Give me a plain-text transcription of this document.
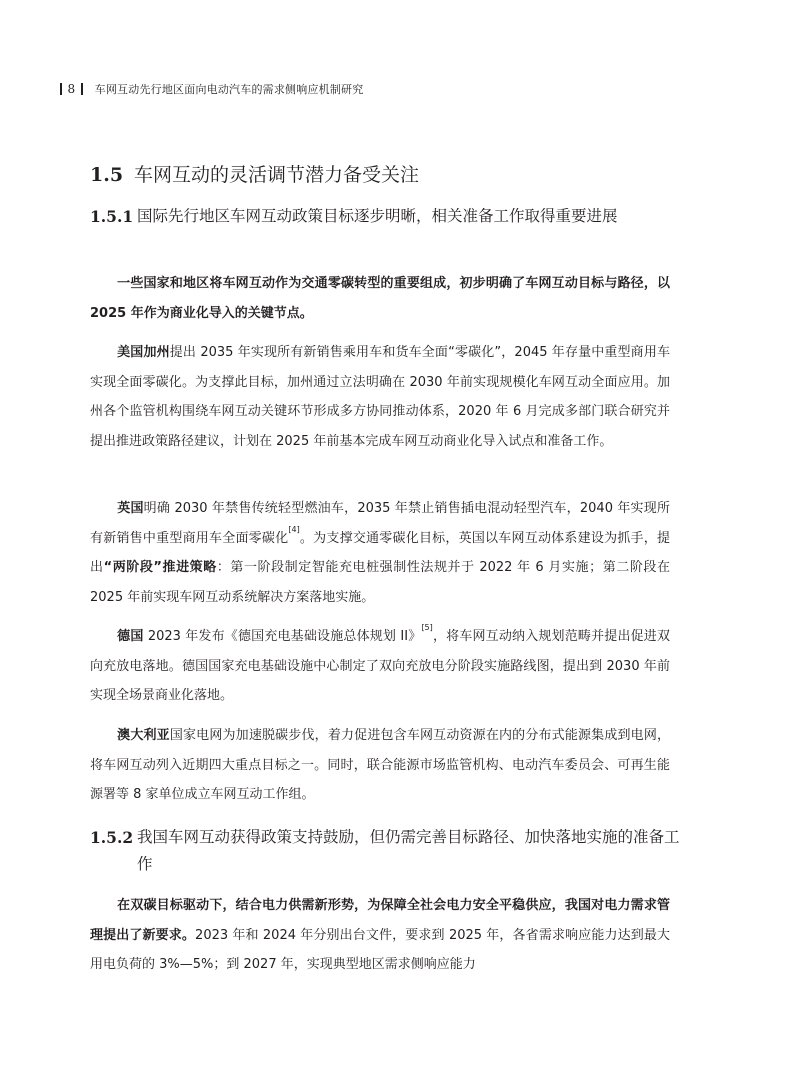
8 车网互动先行地区面向电动汽车的需求侧响应机制研究
1.5 车网互动的灵活调节潜力备受关注
1.5.1 国际先行地区车网互动政策目标逐步明晰，相关准备工作取得重要进展
一些国家和地区将车网互动作为交通零碳转型的重要组成，初步明确了车网互动目标与路径，以 2025 年作为商业化导入的关键节点。
美国加州提出 2035 年实现所有新销售乘用车和货车全面“零碳化”，2045 年存量中重型商用车实现全面零碳化。为支撑此目标，加州通过立法明确在 2030 年前实现规模化车网互动全面应用。加州各个监管机构围绕车网互动关键环节形成多方协同推动体系，2020 年 6 月完成多部门联合研究并提出推进政策路径建议，计划在 2025 年前基本完成车网互动商业化导入试点和准备工作。
英国明确 2030 年禁售传统轻型燃油车，2035 年禁止销售插电混动轻型汽车，2040 年实现所有新销售中重型商用车全面零碳化[4]。为支撑交通零碳化目标，英国以车网互动体系建设为抓手，提出“两阶段”推进策略：第一阶段制定智能充电桩强制性法规并于 2022 年 6 月实施；第二阶段在 2025 年前实现车网互动系统解决方案落地实施。
德国 2023 年发布《德国充电基础设施总体规划 II》[5]，将车网互动纳入规划范畴并提出促进双向充放电落地。德国国家充电基础设施中心制定了双向充放电分阶段实施路线图，提出到 2030 年前实现全场景商业化落地。
澳大利亚国家电网为加速脱碳步伐，着力促进包含车网互动资源在内的分布式能源集成到电网，将车网互动列入近期四大重点目标之一。同时，联合能源市场监管机构、电动汽车委员会、可再生能源署等 8 家单位成立车网互动工作组。
1.5.2 我国车网互动获得政策支持鼓励，但仍需完善目标路径、加快落地实施的准备工作
在双碳目标驱动下，结合电力供需新形势，为保障全社会电力安全平稳供应，我国对电力需求管理提出了新要求。2023 年和 2024 年分别出台文件，要求到 2025 年，各省需求响应能力达到最大用电负荷的 3%—5%；到 2027 年，实现典型地区需求侧响应能力
